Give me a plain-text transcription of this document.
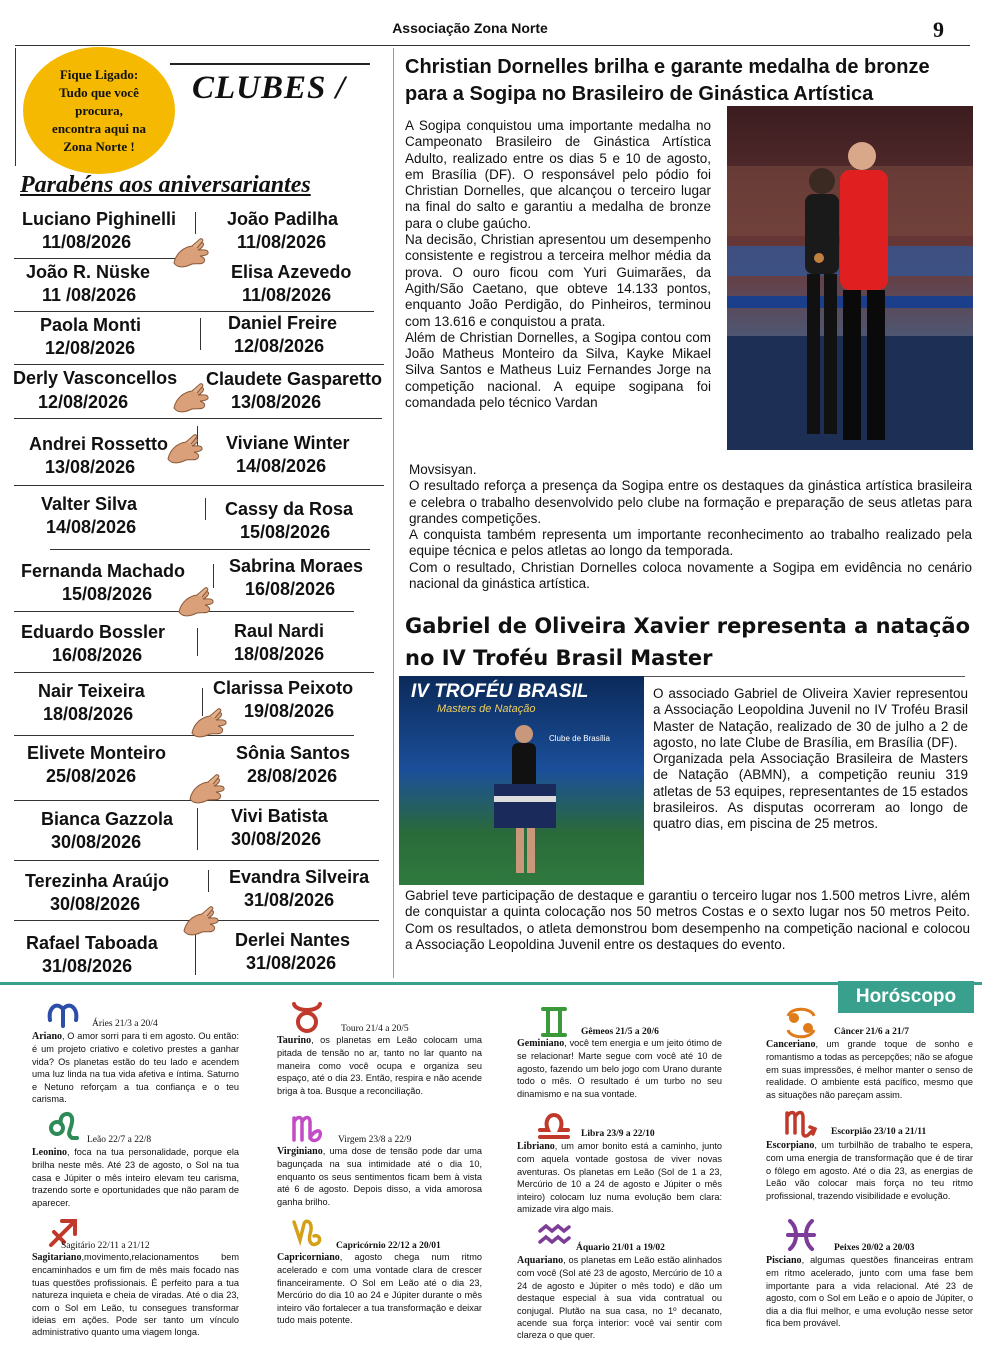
Associação Zona Norte	9
Fique Ligado:
Tudo que você
procura,
encontra aqui na
Zona Norte !
CLUBES /
Parabéns aos aniversariantes
Luciano Pighinelli
11/08/2026
João Padilha
11/08/2026
João R. Nüske
11 /08/2026
Elisa Azevedo
11/08/2026
Paola Monti
12/08/2026
Daniel Freire
12/08/2026
Derly Vasconcellos
12/08/2026
Claudete Gasparetto
13/08/2026
Andrei Rossetto
13/08/2026
Viviane Winter
14/08/2026
Valter Silva
14/08/2026
Cassy da Rosa
15/08/2026
Fernanda Machado
15/08/2026
Sabrina Moraes
16/08/2026
Eduardo Bossler
16/08/2026
Raul Nardi
18/08/2026
Nair Teixeira
18/08/2026
Clarissa Peixoto
19/08/2026
Elivete Monteiro
25/08/2026
Sônia Santos
28/08/2026
Bianca Gazzola
30/08/2026
Vivi Batista
30/08/2026
Terezinha Araújo
30/08/2026
Evandra Silveira
31/08/2026
Rafael Taboada
31/08/2026
Derlei Nantes
31/08/2026
Christian Dornelles brilha e garante medalha de bronze para a Sogipa no Brasileiro de Ginástica Artística
A Sogipa conquistou uma importante medalha no Campeonato Brasileiro de Ginástica Artística Adulto, realizado entre os dias 5 e 10 de agosto, em Brasília (DF). O responsável pelo pódio foi Christian Dornelles, que alcançou o terceiro lugar na final do salto e garantiu a medalha de bronze para o clube gaúcho.
Na decisão, Christian apresentou um desempenho consistente e registrou a terceira melhor média da prova. O ouro ficou com Yuri Guimarães, da Agith/São Caetano, que obteve 14.133 pontos, enquanto João Perdigão, do Pinheiros, terminou com 13.616 e conquistou a prata.
Além de Christian Dornelles, a Sogipa contou com João Matheus Monteiro da Silva, Kayke Mikael Silva Santos e Matheus Luiz Fernandes Jorge na competição nacional. A equipe sogipana foi comandada pelo técnico Vardan
Movsisyan.
O resultado reforça a presença da Sogipa entre os destaques da ginástica artística brasileira e celebra o trabalho desenvolvido pelo clube na formação e preparação de seus atletas para grandes competições.
A conquista também representa um importante reconhecimento ao trabalho realizado pela equipe técnica e pelos atletas ao longo da temporada.
Com o resultado, Christian Dornelles coloca novamente a Sogipa em evidência no cenário nacional da ginástica artística.
Gabriel de Oliveira Xavier representa a natação no IV Troféu Brasil Master
IV TROFÉU BRASIL
Masters de Natação
Clube de Brasília
O associado Gabriel de Oliveira Xavier representou a Associação Leopoldina Juvenil no IV Troféu Brasil Master de Natação, realizado de 30 de julho a 2 de agosto, no late Clube de Brasília, em Brasília (DF).
Organizada pela Associação Brasileira de Masters de Natação (ABMN), a competição reuniu 319 atletas de 53 equipes, representantes de 15 estados brasileiros. As disputas ocorreram ao longo de quatro dias, em piscina de 25 metros.
Gabriel teve participação de destaque e garantiu o terceiro lugar nos 1.500 metros Livre, além de conquistar a quinta colocação nos 50 metros Costas e o sexto lugar nos 50 metros Peito. Com os resultados, o atleta demonstrou bom desempenho na competição nacional e colocou a Associação Leopoldina Juvenil entre os destaques do evento.
Horóscopo
Áries 21/3 a 20/4
Ariano, O amor sorri para ti em agosto. Ou então: é um projeto criativo e coletivo prestes a ganhar vida? Os planetas estão do teu lado e acendem uma luz linda na tua vida afetiva e íntima. Saturno e Netuno reforçam a tua confiança e o teu carisma.
Touro 21/4 a 20/5
Taurino, os planetas em Leão colocam uma pitada de tensão no ar, tanto no lar quanto na maneira como você ocupa e organiza seu espaço, até o dia 23. Então, respira e não acende briga à toa. Busque a reconciliação.
Gêmeos 21/5 a 20/6
Geminiano, você tem energia e um jeito ótimo de se relacionar! Marte segue com você até 10 de agosto, fazendo um belo jogo com Urano durante todo o mês. O resultado é um turbo no seu dinamismo e na sua vontade.
Câncer 21/6 a 21/7
Canceriano, um grande toque de sonho e romantismo a todas as percepções; não se afogue em suas impressões, é melhor manter o senso de realidade. O ambiente está pacífico, mesmo que as situações não pareçam assim.
Leão 22/7 a 22/8
Leonino, foca na tua personalidade, porque ela brilha neste mês. Até 23 de agosto, o Sol na tua casa e Júpiter o mês inteiro elevam teu carisma, trazendo sorte e oportunidades que não param de aparecer.
Virgem 23/8 a 22/9
Virginiano, uma dose de tensão pode dar uma bagunçada na sua intimidade até o dia 10, enquanto os seus sentimentos ficam bem à vista até 6 de agosto. Depois disso, a vida amorosa ganha brilho.
Libra 23/9 a 22/10
Libriano, um amor bonito está a caminho, junto com aquela vontade gostosa de viver novas aventuras. Os planetas em Leão (Sol de 1 a 23, Mercúrio de 10 a 24 de agosto e Júpiter o mês inteiro) colocam luz numa evolução bem clara: amizade vira algo mais.
Escorpião 23/10 a 21/11
Escorpiano, um turbilhão de trabalho te espera, com uma energia de transformação que é de tirar o fôlego em agosto. Até o dia 23, as energias de Leão vão colocar mais força no teu ritmo profissional, trazendo visibilidade e evolução.
Sagitário 22/11 a 21/12
Sagitariano,movimento,relacionamentos bem encaminhados e um fim de mês mais focado nas tuas questões profissionais. É perfeito para a tua natureza inquieta e cheia de viradas. Até o dia 23, com o Sol em Leão, tu consegues transformar ideias em ações. Pode ser tanto um vínculo administrativo quanto uma viagem longa.
Capricórnio 22/12 a 20/01
Capricorniano, agosto chega num ritmo acelerado e com uma vontade clara de crescer financeiramente. O Sol em Leão até o dia 23, Mercúrio do dia 10 ao 24 e Júpiter durante o mês inteiro vão fortalecer a tua transformação e deixar tudo mais potente.
Áquario 21/01 a 19/02
Aquariano, os planetas em Leão estão alinhados com você (Sol até 23 de agosto, Mercúrio de 10 a 24 de agosto e Júpiter o mês todo) e dão um destaque especial à sua vida contratual ou conjugal. Plutão na sua casa, no 1º decanato, acende sua força interior: você vai sentir com clareza o que quer.
Peixes 20/02 a 20/03
Pisciano, algumas questões financeiras entram em ritmo acelerado, junto com uma fase bem importante para a vida relacional. Até 23 de agosto, com o Sol em Leão e o apoio de Júpiter, o dia a dia flui melhor, e uma evolução nesse setor fica bem provável.
